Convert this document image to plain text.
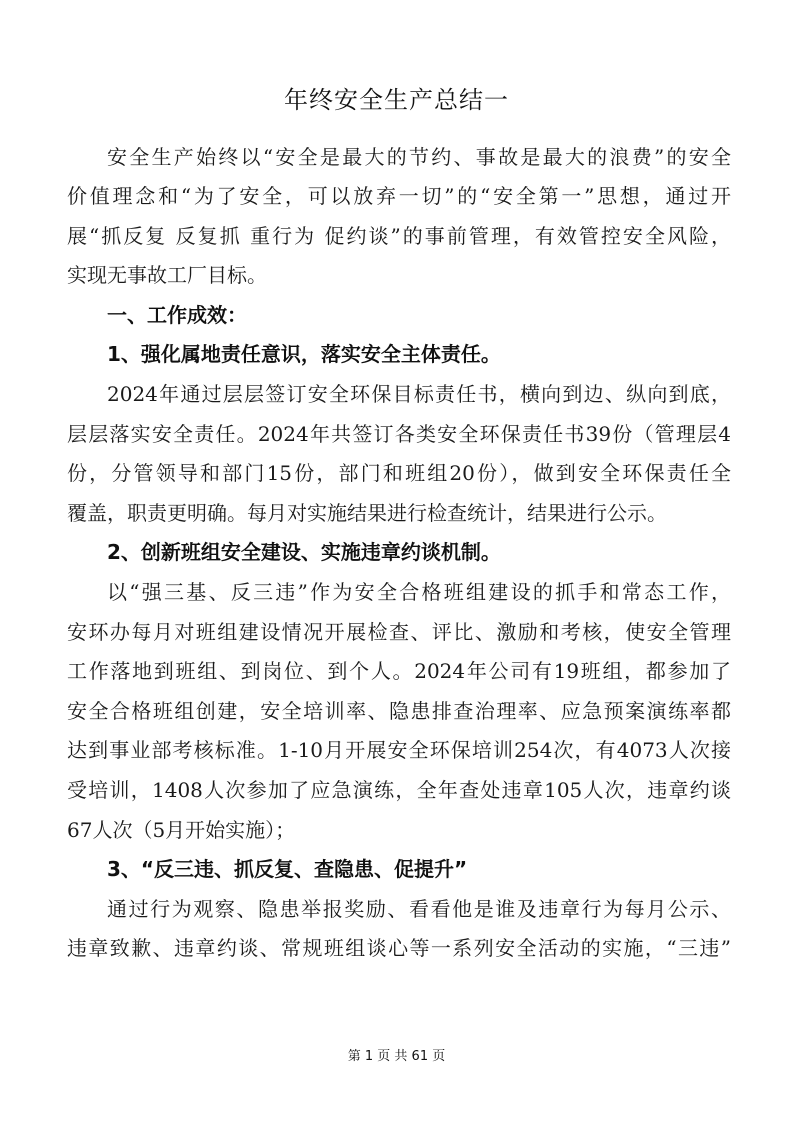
年终安全生产总结一
安全生产始终以“安全是最大的节约、事故是最大的浪费”的安全
价值理念和“为了安全，可以放弃一切”的“安全第一”思想，通过开
展“抓反复 反复抓 重行为 促约谈”的事前管理，有效管控安全风险，
实现无事故工厂目标。
一、工作成效：
1、强化属地责任意识，落实安全主体责任。
2024年通过层层签订安全环保目标责任书，横向到边、纵向到底，
层层落实安全责任。2024年共签订各类安全环保责任书39份（管理层4
份，分管领导和部门15份，部门和班组20份），做到安全环保责任全
覆盖，职责更明确。每月对实施结果进行检查统计，结果进行公示。
2、创新班组安全建设、实施违章约谈机制。
以“强三基、反三违”作为安全合格班组建设的抓手和常态工作，
安环办每月对班组建设情况开展检查、评比、激励和考核，使安全管理
工作落地到班组、到岗位、到个人。2024年公司有19班组，都参加了
安全合格班组创建，安全培训率、隐患排查治理率、应急预案演练率都
达到事业部考核标准。1-10月开展安全环保培训254次，有4073人次接
受培训，1408人次参加了应急演练，全年查处违章105人次，违章约谈
67人次（5月开始实施）；
3、“反三违、抓反复、查隐患、促提升”
通过行为观察、隐患举报奖励、看看他是谁及违章行为每月公示、
违章致歉、违章约谈、常规班组谈心等一系列安全活动的实施，“三违”
第 1 页 共 61 页
